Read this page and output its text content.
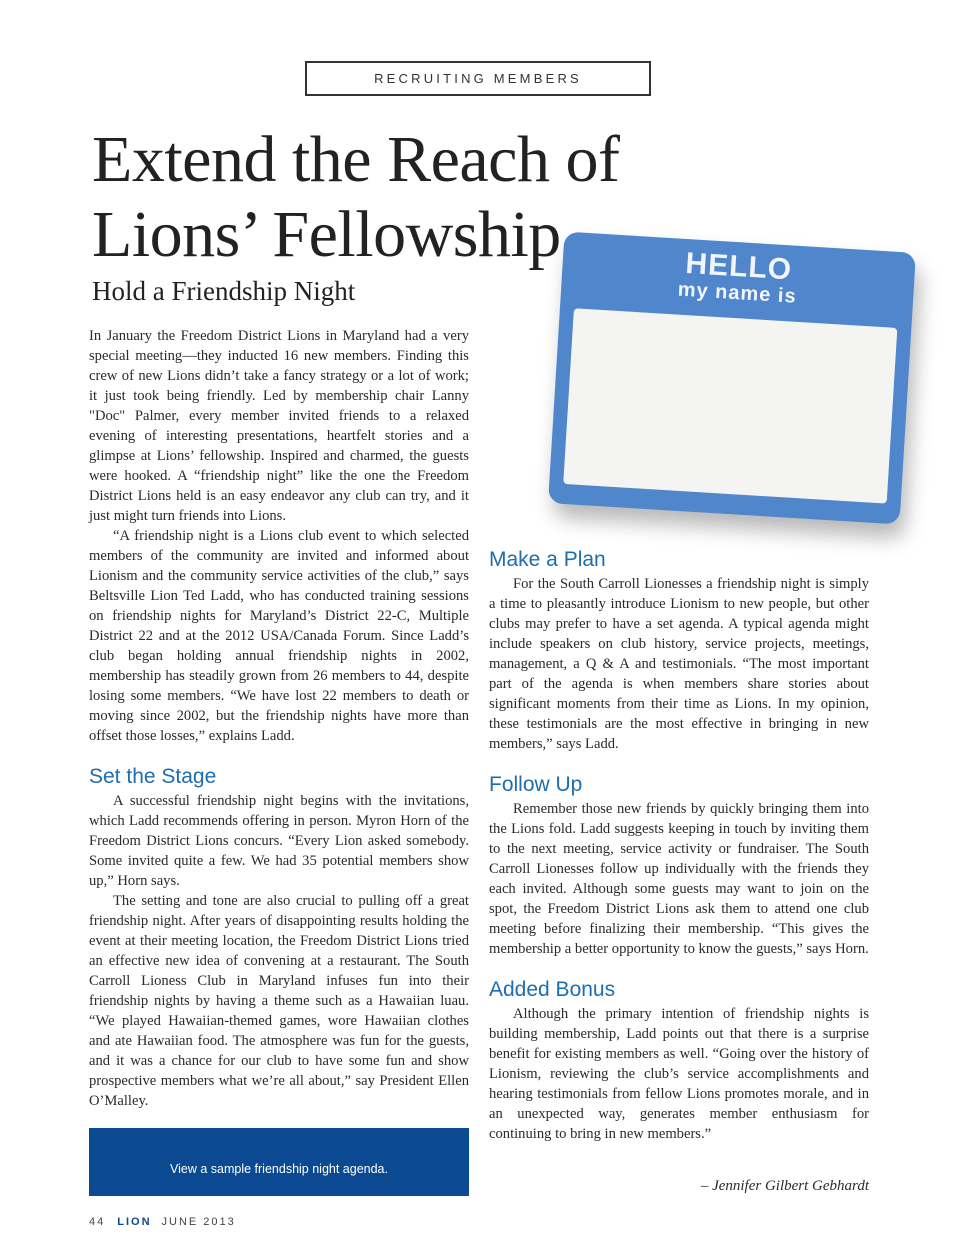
RECRUITING MEMBERS
Extend the Reach of Lions’ Fellowship
Hold a Friendship Night
HELLO
my name is

In January the Freedom District Lions in Maryland had a very special meeting—they inducted 16 new members. Finding this crew of new Lions didn’t take a fancy strategy or a lot of work; it just took being friendly. Led by membership chair Lanny "Doc" Palmer, every member invited friends to a relaxed evening of interesting presentations, heartfelt stories and a glimpse at Lions’ fellowship. Inspired and charmed, the guests were hooked. A “friendship night” like the one the Freedom District Lions held is an easy endeavor any club can try, and it just might turn friends into Lions.

“A friendship night is a Lions club event to which selected members of the community are invited and informed about Lionism and the community service activities of the club,” says Beltsville Lion Ted Ladd, who has conducted training sessions on friendship nights for Maryland’s District 22-C, Multiple District 22 and at the 2012 USA/Canada Forum. Since Ladd’s club began holding annual friendship nights in 2002, membership has steadily grown from 26 members to 44, despite losing some members. “We have lost 22 members to death or moving since 2002, but the friendship nights have more than offset those losses,” explains Ladd.

Set the Stage

A successful friendship night begins with the invitations, which Ladd recommends offering in person. Myron Horn of the Freedom District Lions concurs. “Every Lion asked somebody. Some invited quite a few. We had 35 potential members show up,” Horn says.

The setting and tone are also crucial to pulling off a great friendship night. After years of disappointing results holding the event at their meeting location, the Freedom District Lions tried an effective new idea of convening at a restaurant. The South Carroll Lioness Club in Maryland infuses fun into their friendship nights by having a theme such as a Hawaiian luau. “We played Hawaiian-themed games, wore Hawaiian clothes and ate Hawaiian food. The atmosphere was fun for the guests, and it was a chance for our club to have some fun and show prospective members what we’re all about,” say President Ellen O’Malley.

Make a Plan

For the South Carroll Lionesses a friendship night is simply a time to pleasantly introduce Lionism to new people, but other clubs may prefer to have a set agenda. A typical agenda might include speakers on club history, service projects, meetings, management, a Q & A and testimonials. “The most important part of the agenda is when members share stories about significant moments from their time as Lions. In my opinion, these testimonials are the most effective in bringing in new members,” says Ladd.

Follow Up

Remember those new friends by quickly bringing them into the Lions fold. Ladd suggests keeping in touch by inviting them to the next meeting, service activity or fundraiser. The South Carroll Lionesses follow up individually with the friends they each invited. Although some guests may want to join on the spot, the Freedom District Lions ask them to attend one club meeting before finalizing their membership. “This gives the membership a better opportunity to know the guests,” says Horn.

Added Bonus

Although the primary intention of friendship nights is building membership, Ladd points out that there is a surprise benefit for existing members as well. “Going over the history of Lionism, reviewing the club’s service accomplishments and hearing testimonials from fellow Lions promotes morale, and in an unexpected way, generates member enthusiasm for continuing to bring in new members.”

– Jennifer Gilbert Gebhardt
View a sample friendship night agenda.
44 LION JUNE 2013
